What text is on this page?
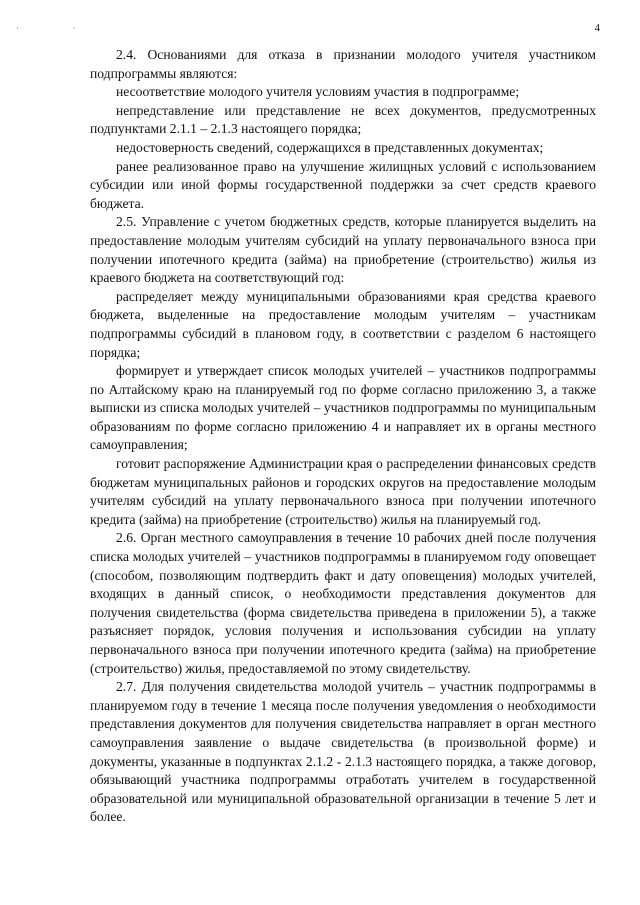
· ·	4

2.4. Основаниями для отказа в признании молодого учителя участником подпрограммы являются:

несоответствие молодого учителя условиям участия в подпрограмме;

непредставление или представление не всех документов, предусмотренных подпунктами 2.1.1 – 2.1.3 настоящего порядка;

недостоверность сведений, содержащихся в представленных документах;

ранее реализованное право на улучшение жилищных условий с использованием субсидии или иной формы государственной поддержки за счет средств краевого бюджета.

2.5. Управление с учетом бюджетных средств, которые планируется выделить на предоставление молодым учителям субсидий на уплату первоначального взноса при получении ипотечного кредита (займа) на приобретение (строительство) жилья из краевого бюджета на соответствующий год:

распределяет между муниципальными образованиями края средства краевого бюджета, выделенные на предоставление молодым учителям – участникам подпрограммы субсидий в плановом году, в соответствии с разделом 6 настоящего порядка;

формирует и утверждает список молодых учителей – участников подпрограммы по Алтайскому краю на планируемый год по форме согласно приложению 3, а также выписки из списка молодых учителей – участников подпрограммы по муниципальным образованиям по форме согласно приложению 4 и направляет их в органы местного самоуправления;

готовит распоряжение Администрации края о распределении финансовых средств бюджетам муниципальных районов и городских округов на предоставление молодым учителям субсидий на уплату первоначального взноса при получении ипотечного кредита (займа) на приобретение (строительство) жилья на планируемый год.

2.6. Орган местного самоуправления в течение 10 рабочих дней после получения списка молодых учителей – участников подпрограммы в планируемом году оповещает (способом, позволяющим подтвердить факт и дату оповещения) молодых учителей, входящих в данный список, о необходимости представления документов для получения свидетельства (форма свидетельства приведена в приложении 5), а также разъясняет порядок, условия получения и использования субсидии на уплату первоначального взноса при получении ипотечного кредита (займа) на приобретение (строительство) жилья, предоставляемой по этому свидетельству.

2.7. Для получения свидетельства молодой учитель – участник подпрограммы в планируемом году в течение 1 месяца после получения уведомления о необходимости представления документов для получения свидетельства направляет в орган местного самоуправления заявление о выдаче свидетельства (в произвольной форме) и документы, указанные в подпунктах 2.1.2 - 2.1.3 настоящего порядка, а также договор, обязывающий участника подпрограммы отработать учителем в государственной образовательной или муниципальной образовательной организации в течение 5 лет и более.
